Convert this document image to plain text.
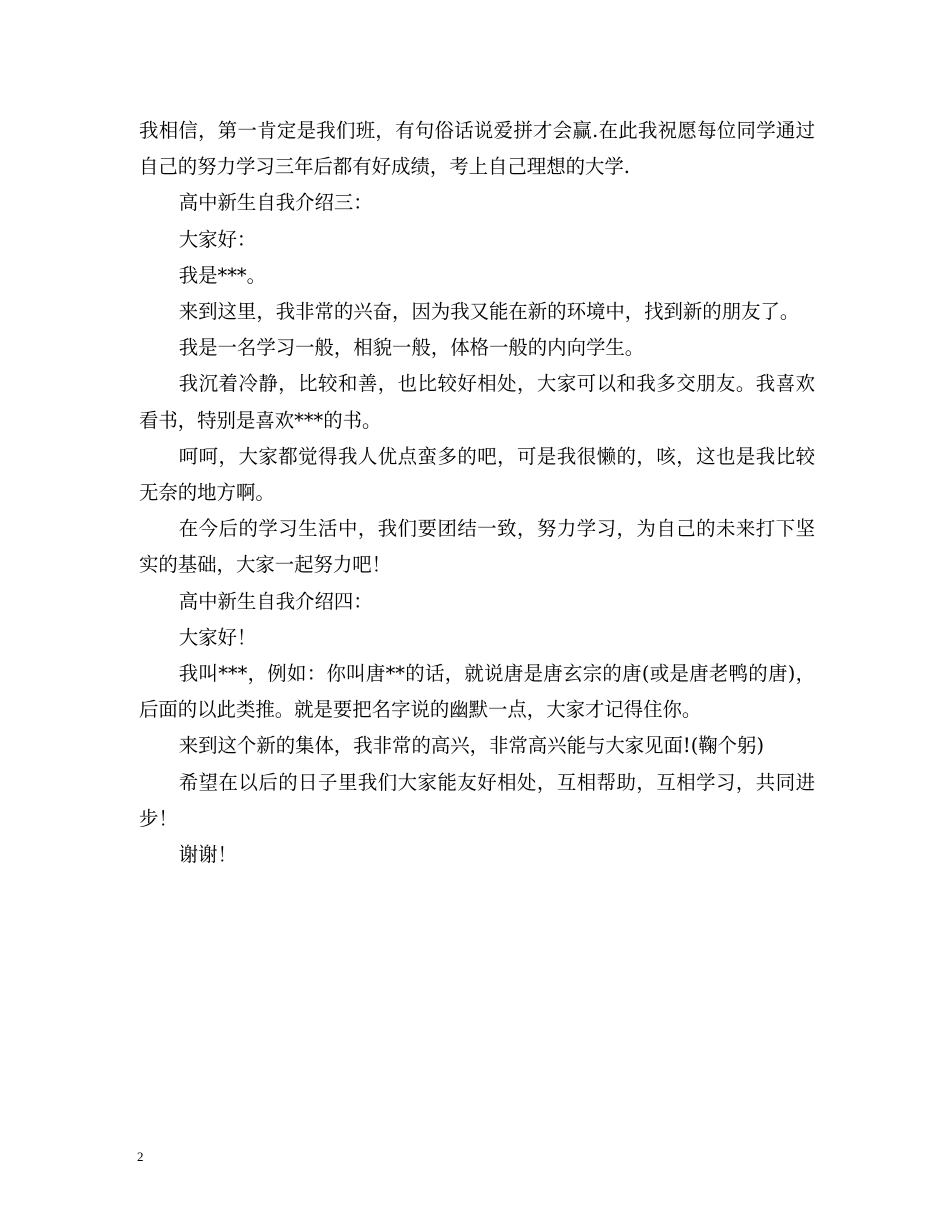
我相信，第一肯定是我们班，有句俗话说爱拼才会赢.在此我祝愿每位同学通过自己的努力学习三年后都有好成绩，考上自己理想的大学.

高中新生自我介绍三：

大家好：

我是***。

来到这里，我非常的兴奋，因为我又能在新的环境中，找到新的朋友了。

我是一名学习一般，相貌一般，体格一般的内向学生。

我沉着冷静，比较和善，也比较好相处，大家可以和我多交朋友。我喜欢看书，特别是喜欢***的书。

呵呵，大家都觉得我人优点蛮多的吧，可是我很懒的，咳，这也是我比较无奈的地方啊。

在今后的学习生活中，我们要团结一致，努力学习，为自己的未来打下坚实的基础，大家一起努力吧！

高中新生自我介绍四：

大家好！

我叫***，例如：你叫唐**的话，就说唐是唐玄宗的唐(或是唐老鸭的唐)，后面的以此类推。就是要把名字说的幽默一点，大家才记得住你。

来到这个新的集体，我非常的高兴，非常高兴能与大家见面!(鞠个躬)

希望在以后的日子里我们大家能友好相处，互相帮助，互相学习，共同进步！

谢谢！

2
